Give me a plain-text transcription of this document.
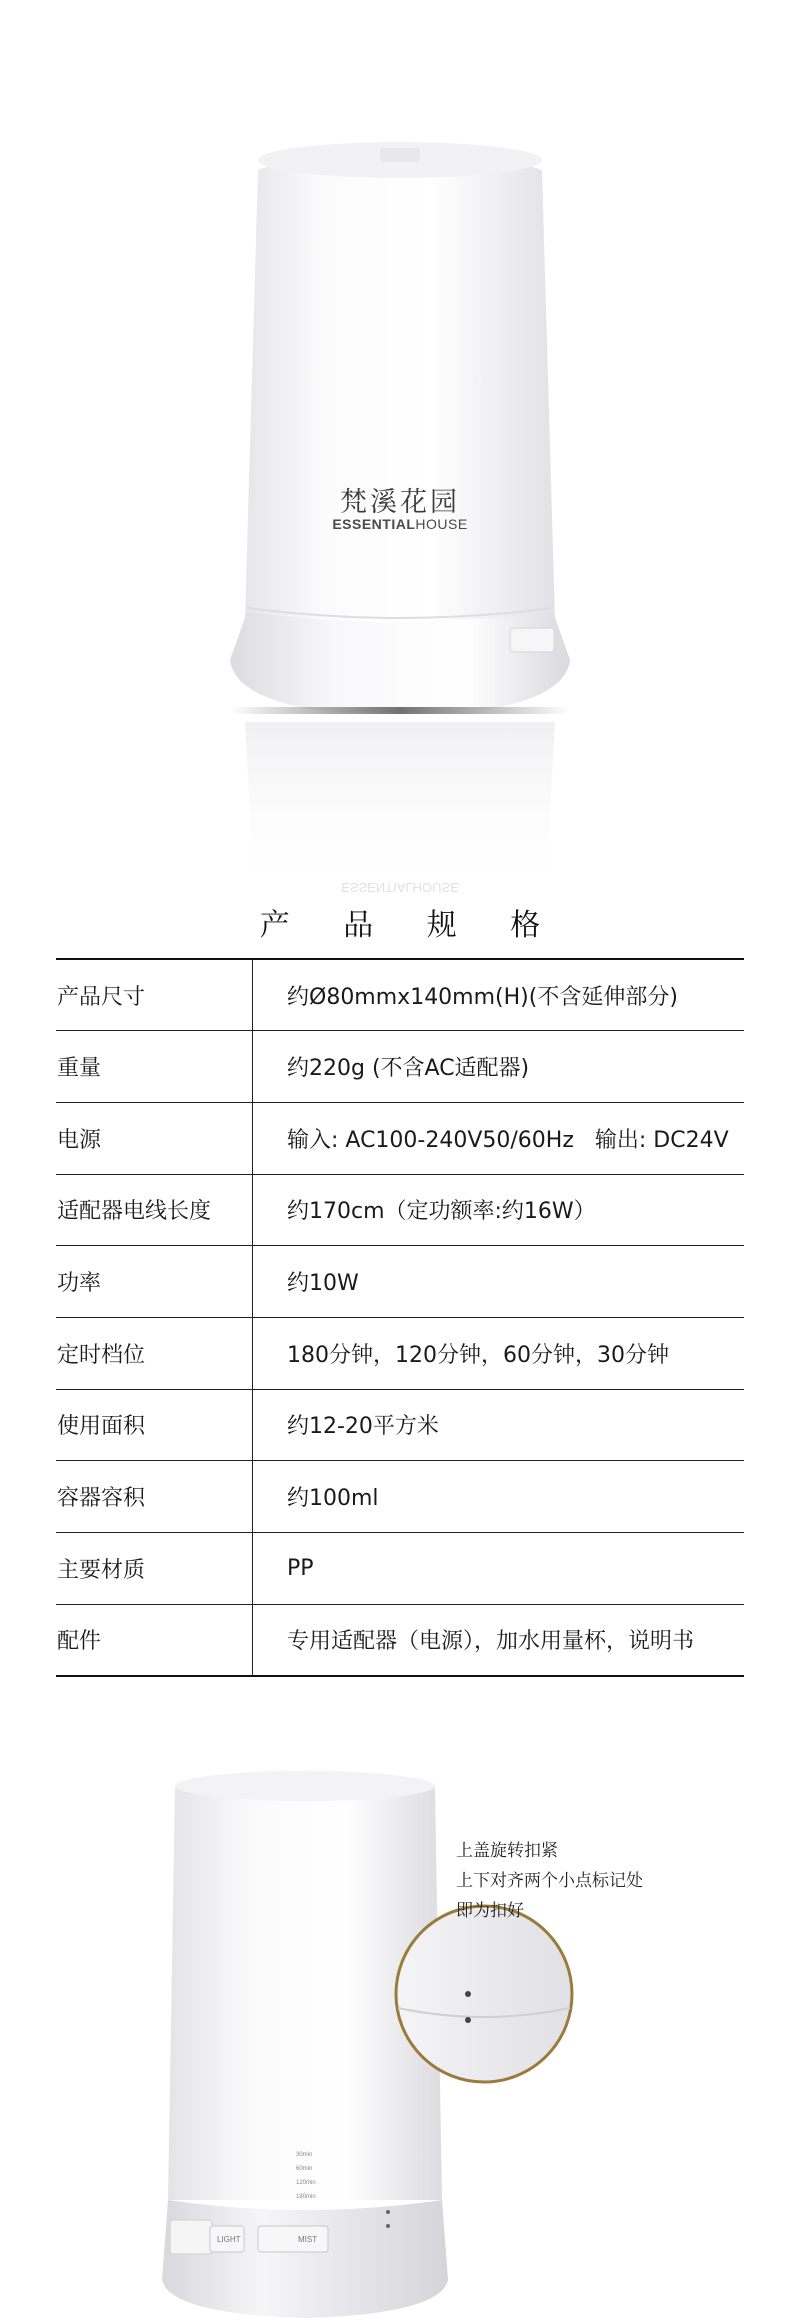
梵溪花园
ESSENTIALHOUSE
ESSENTIALHOUSE
产 品 规 格
产品尺寸	约Ø80mmx140mm(H)(不含延伸部分)
重量	约220g (不含AC适配器)
电源	输入: AC100-240V50/60Hz   输出: DC24V
适配器电线长度	约170cm（定功额率:约16W）
功率	约10W
定时档位	180分钟，120分钟，60分钟，30分钟
使用面积	约12-20平方米
容器容积	约100ml
主要材质	PP
配件	专用适配器（电源），加水用量杯，说明书
上盖旋转扣紧
上下对齐两个小点标记处
即为扣好
LIGHT	MIST
30min
60min
120min
180min
